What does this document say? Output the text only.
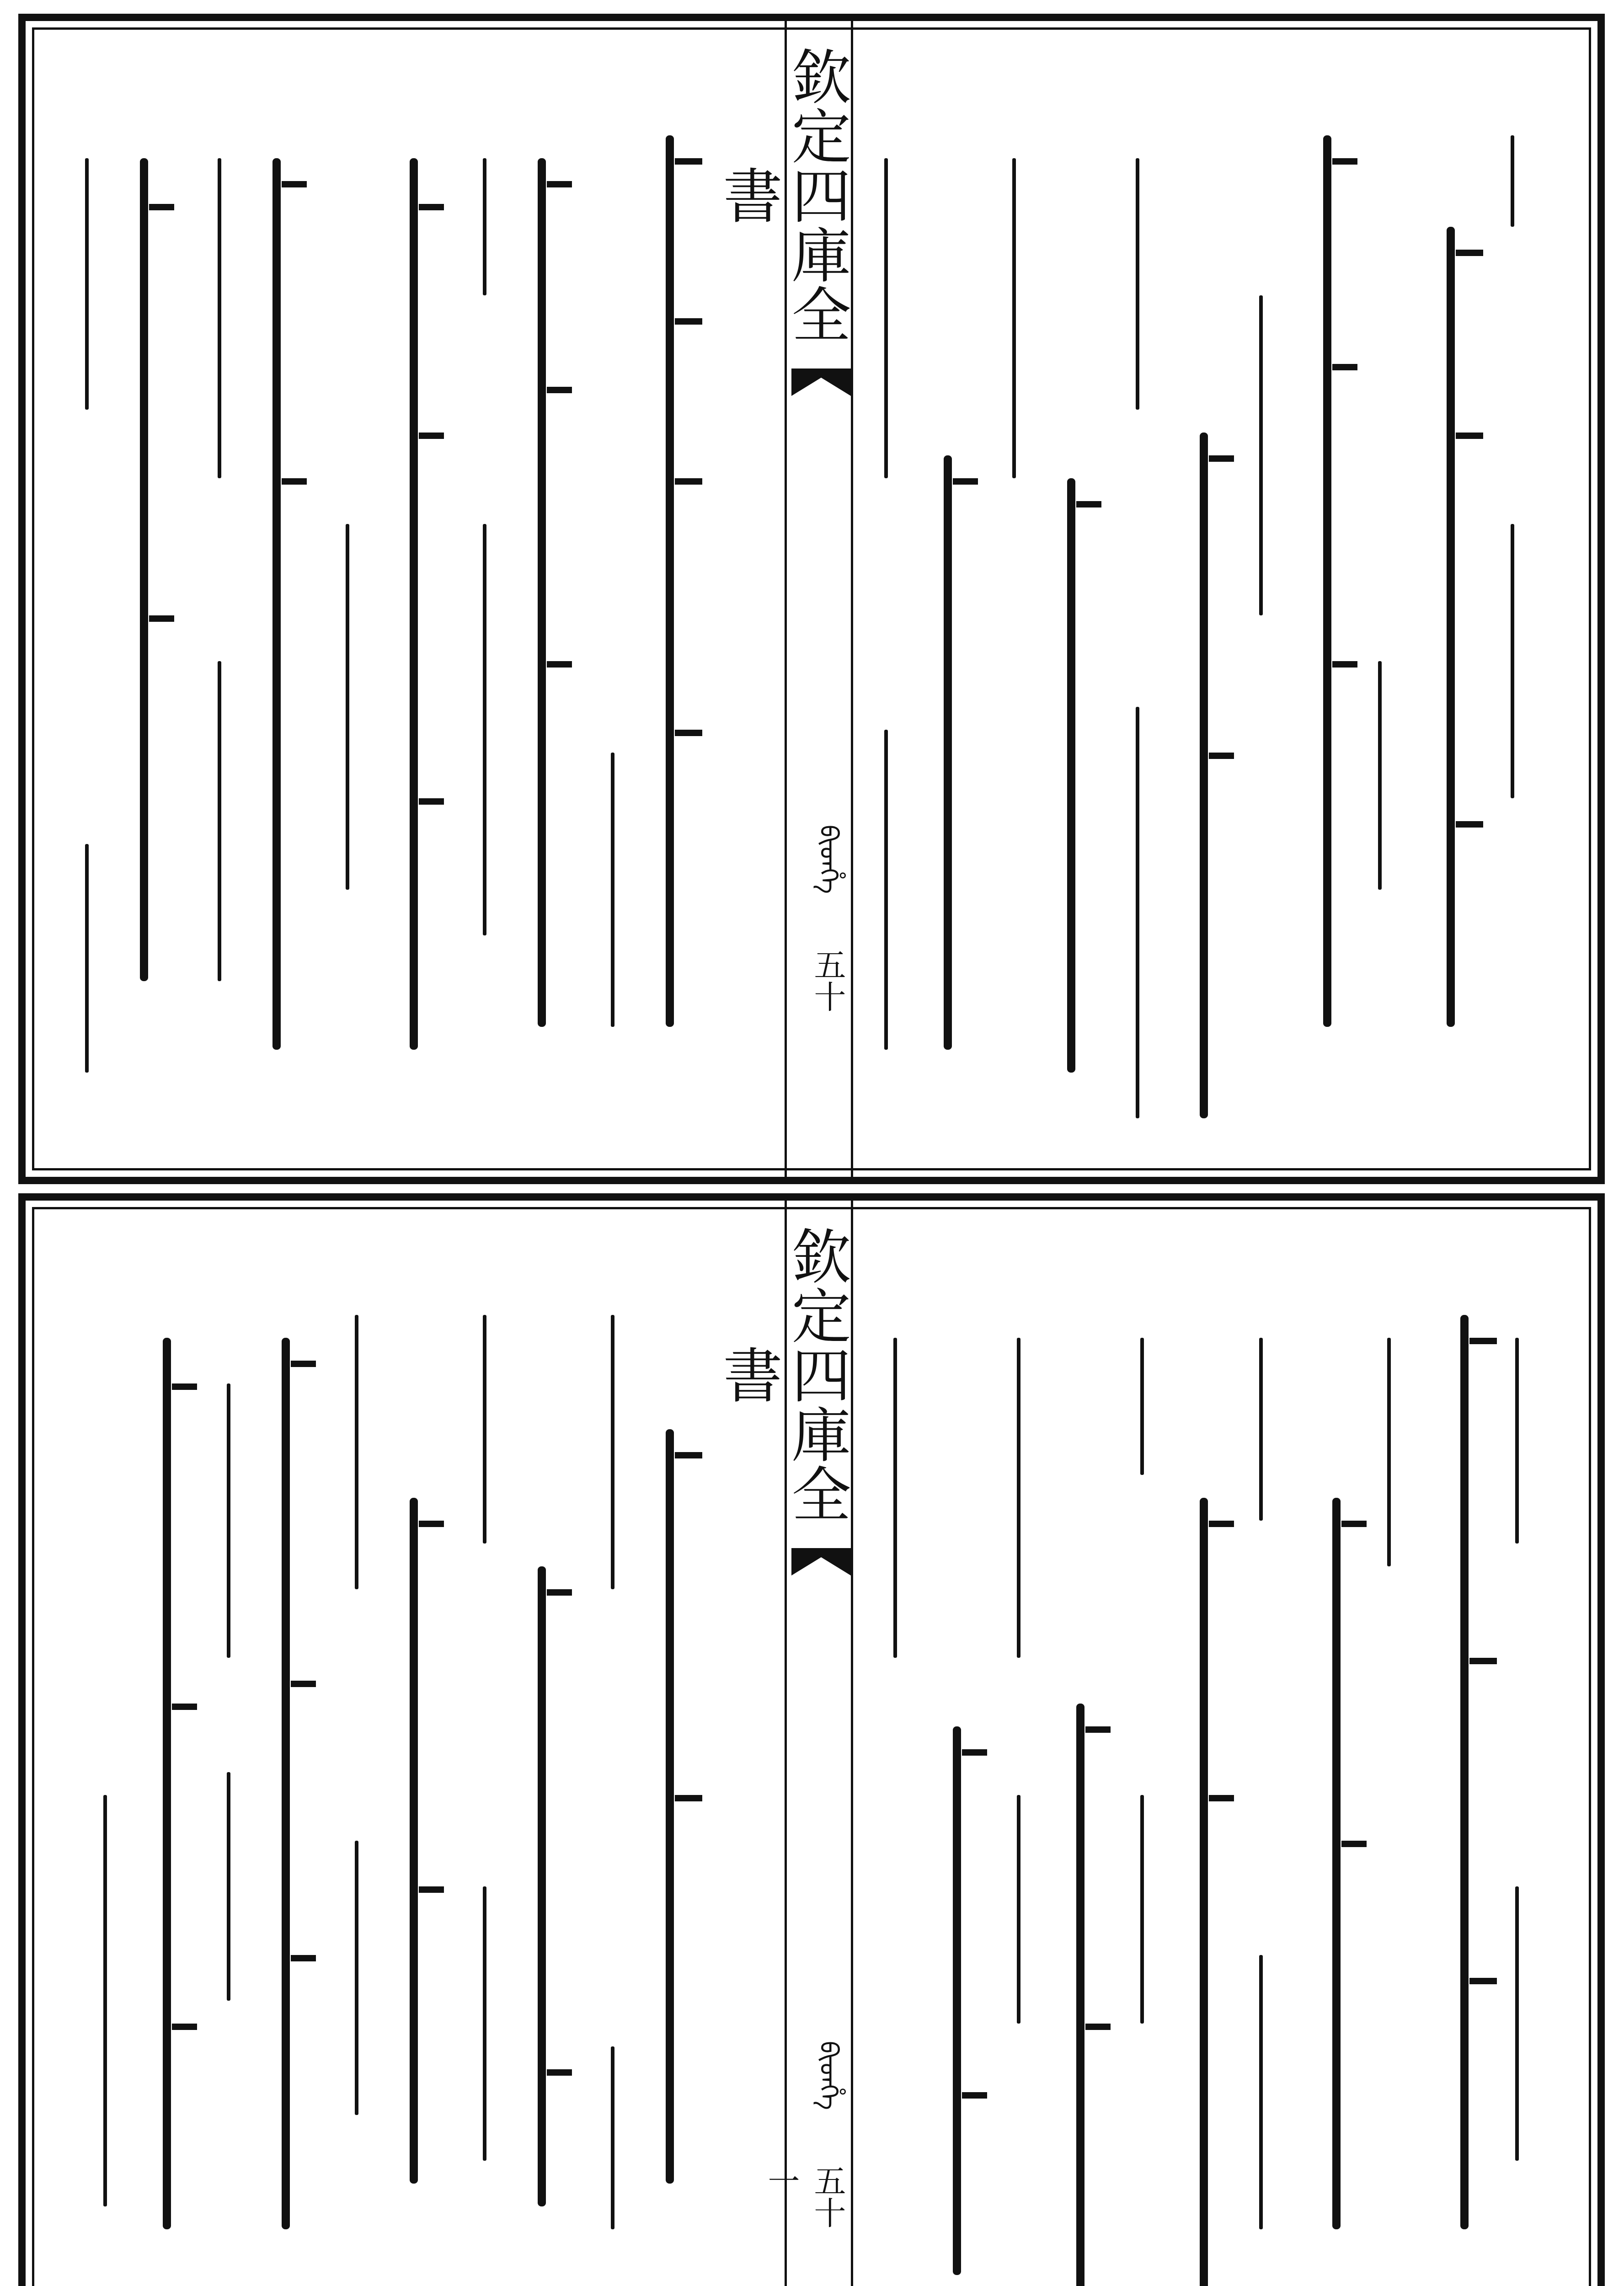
欽定四庫全書
ᠪᡳᡨᡥᡝ
五十
欽定四庫全書
ᠪᡳᡨᡥᡝ
五十一
